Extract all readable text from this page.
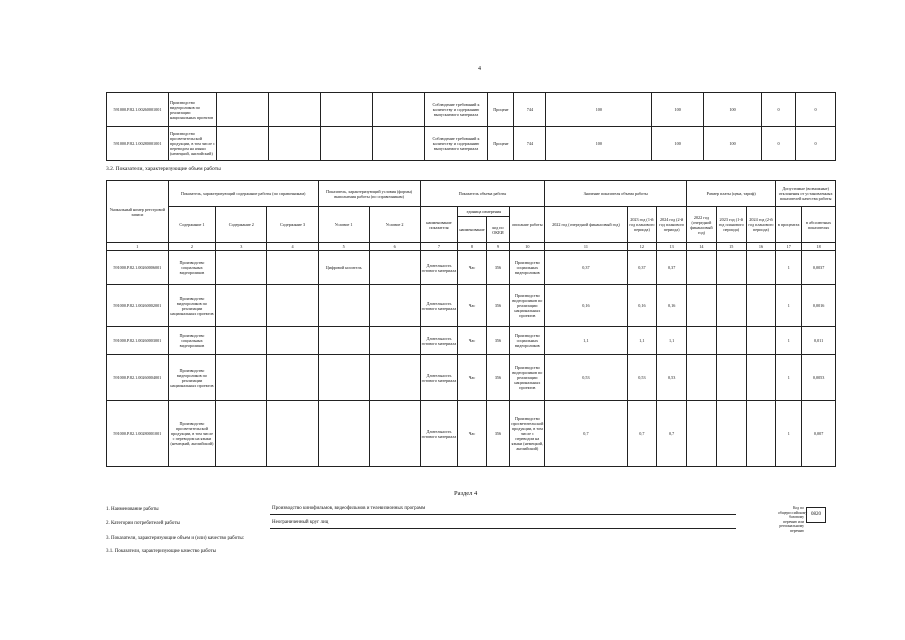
4
591000.Р.82.1.00260001001	Производство видеороликов по реализации национальных проектов					Соблюдение требований к количеству и содержанию выпускаемого материала	Процент	744	100	100	100	0	0
591000.Р.82.1.00280001001	Производство просветительской продукции, в том числе с переводом на языки (немецкий, английский)					Соблюдение требований к количеству и содержанию выпускаемого материала	Процент	744	100	100	100	0	0
3.2. Показатели, характеризующие объем работы
Уникальный номер реестровой записи	Показатель, характеризующий содержание работы (по справочникам)			Показатель, характеризующий условия (формы) выполнения работы (по справочникам)		Показатель объема работы				Значение показателя объема работы			Размер платы (цена, тариф)			Допустимые (возможные) отклонения от установленных показателей качества работы	
	Содержание 1	Содержание 2	Содержание 3	Условие 1	Условие 2	наименование показателя	единица измерения		описание работы	2022 год (очередной финансовый год)	2023 год (1-й год планового периода)	2024 год (2-й год планового периода)	2022 год (очередной финансовый год)	2023 год (1-й год планового периода)	2024 год (2-й год планового периода)	в процентах	в абсолютных показателях
							наименование	код по ОКЕИ									
1	2	3	4	5	6	7	8	9	10	11	12	13	14	15	16	17	18
591000.Р.82.1.00260006001	Производство социальных видеороликов			Цифровой носитель		Длительность готового материала	Час	356	Производство социальных видеороликов	0,37	0,37	0,37				1	0,0037
591000.Р.82.1.00260002001	Производство видеороликов по реализации национальных проектов					Длительность готового материала	Час	356	Производство видеороликов по реализации национальных проектов	0,16	0,16	0,16				1	0,0016
591000.Р.82.1.00260003001	Производство социальных видеороликов					Длительность готового материала	Час	356	Производство социальных видеороликов	1,1	1,1	1,1				1	0,011
591000.Р.82.1.00260004001	Производство видеороликов по реализации национальных проектов					Длительность готового материала	Час	356	Производство видеороликов по реализации национальных проектов	0,53	0,53	0,53				1	0,0053
591000.Р.82.1.00280001001	Производство просветительской продукции, в том числе с переводом на языки (немецкий, английский)					Длительность готового материала	Час	356	Производство просветительской продукции, в том числе с переводом на языки (немецкий, английский)	0,7	0,7	0,7				1	0,007
Раздел 4
1. Наименование работы	Производство кинофильмов, видеофильмов и телевизионных программ
2. Категории потребителей работы	Неограниченный круг лиц
3. Показатели, характеризующие объем и (или) качество работы:
3.1. Показатели, характеризующие качество работы
Код по общероссийскому базовому перечню или региональному перечню
0820
